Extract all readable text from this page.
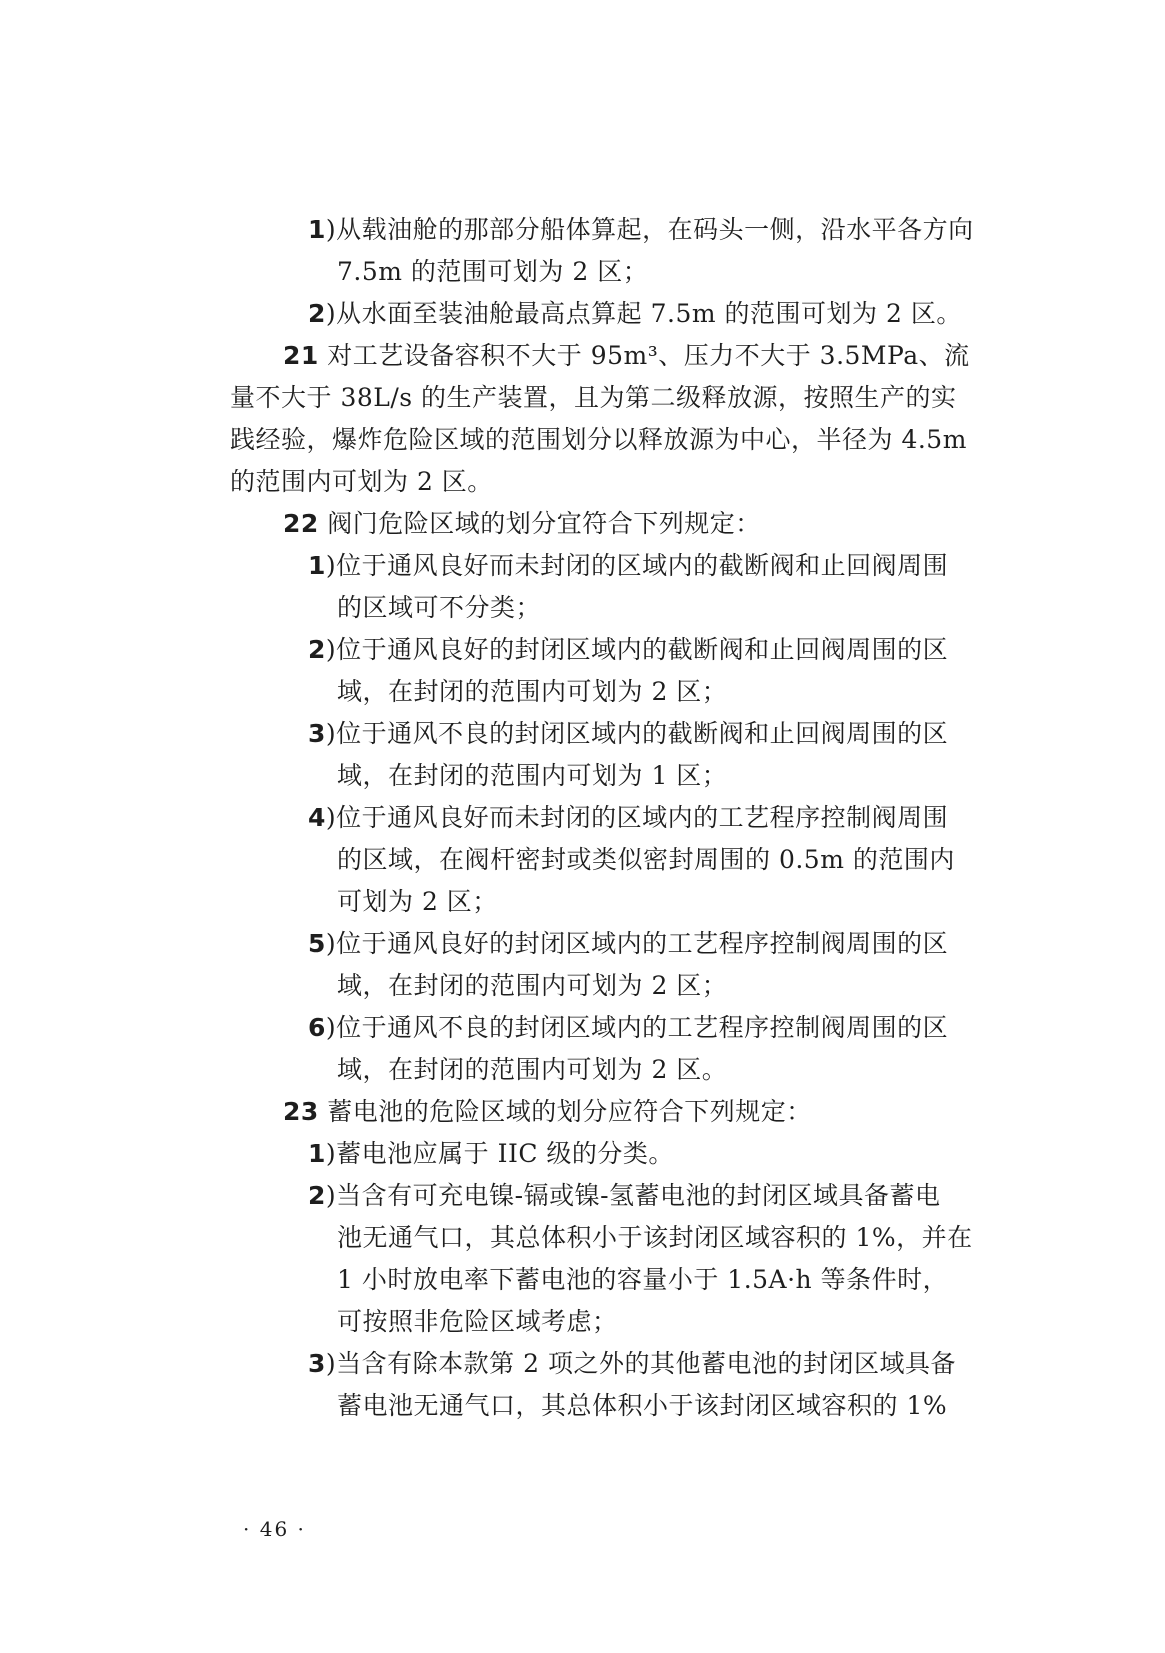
1)从载油舱的那部分船体算起，在码头一侧，沿水平各方向
7.5m 的范围可划为 2 区；
2)从水面至装油舱最高点算起 7.5m 的范围可划为 2 区。
21 对工艺设备容积不大于 95m³、压力不大于 3.5MPa、流
量不大于 38L/s 的生产装置，且为第二级释放源，按照生产的实
践经验，爆炸危险区域的范围划分以释放源为中心，半径为 4.5m
的范围内可划为 2 区。
22 阀门危险区域的划分宜符合下列规定：
1)位于通风良好而未封闭的区域内的截断阀和止回阀周围
的区域可不分类；
2)位于通风良好的封闭区域内的截断阀和止回阀周围的区
域，在封闭的范围内可划为 2 区；
3)位于通风不良的封闭区域内的截断阀和止回阀周围的区
域，在封闭的范围内可划为 1 区；
4)位于通风良好而未封闭的区域内的工艺程序控制阀周围
的区域，在阀杆密封或类似密封周围的 0.5m 的范围内
可划为 2 区；
5)位于通风良好的封闭区域内的工艺程序控制阀周围的区
域，在封闭的范围内可划为 2 区；
6)位于通风不良的封闭区域内的工艺程序控制阀周围的区
域，在封闭的范围内可划为 2 区。
23 蓄电池的危险区域的划分应符合下列规定：
1)蓄电池应属于 IIC 级的分类。
2)当含有可充电镍-镉或镍-氢蓄电池的封闭区域具备蓄电
池无通气口，其总体积小于该封闭区域容积的 1%，并在
1 小时放电率下蓄电池的容量小于 1.5A·h 等条件时，
可按照非危险区域考虑；
3)当含有除本款第 2 项之外的其他蓄电池的封闭区域具备
蓄电池无通气口，其总体积小于该封闭区域容积的 1%
· 46 ·
